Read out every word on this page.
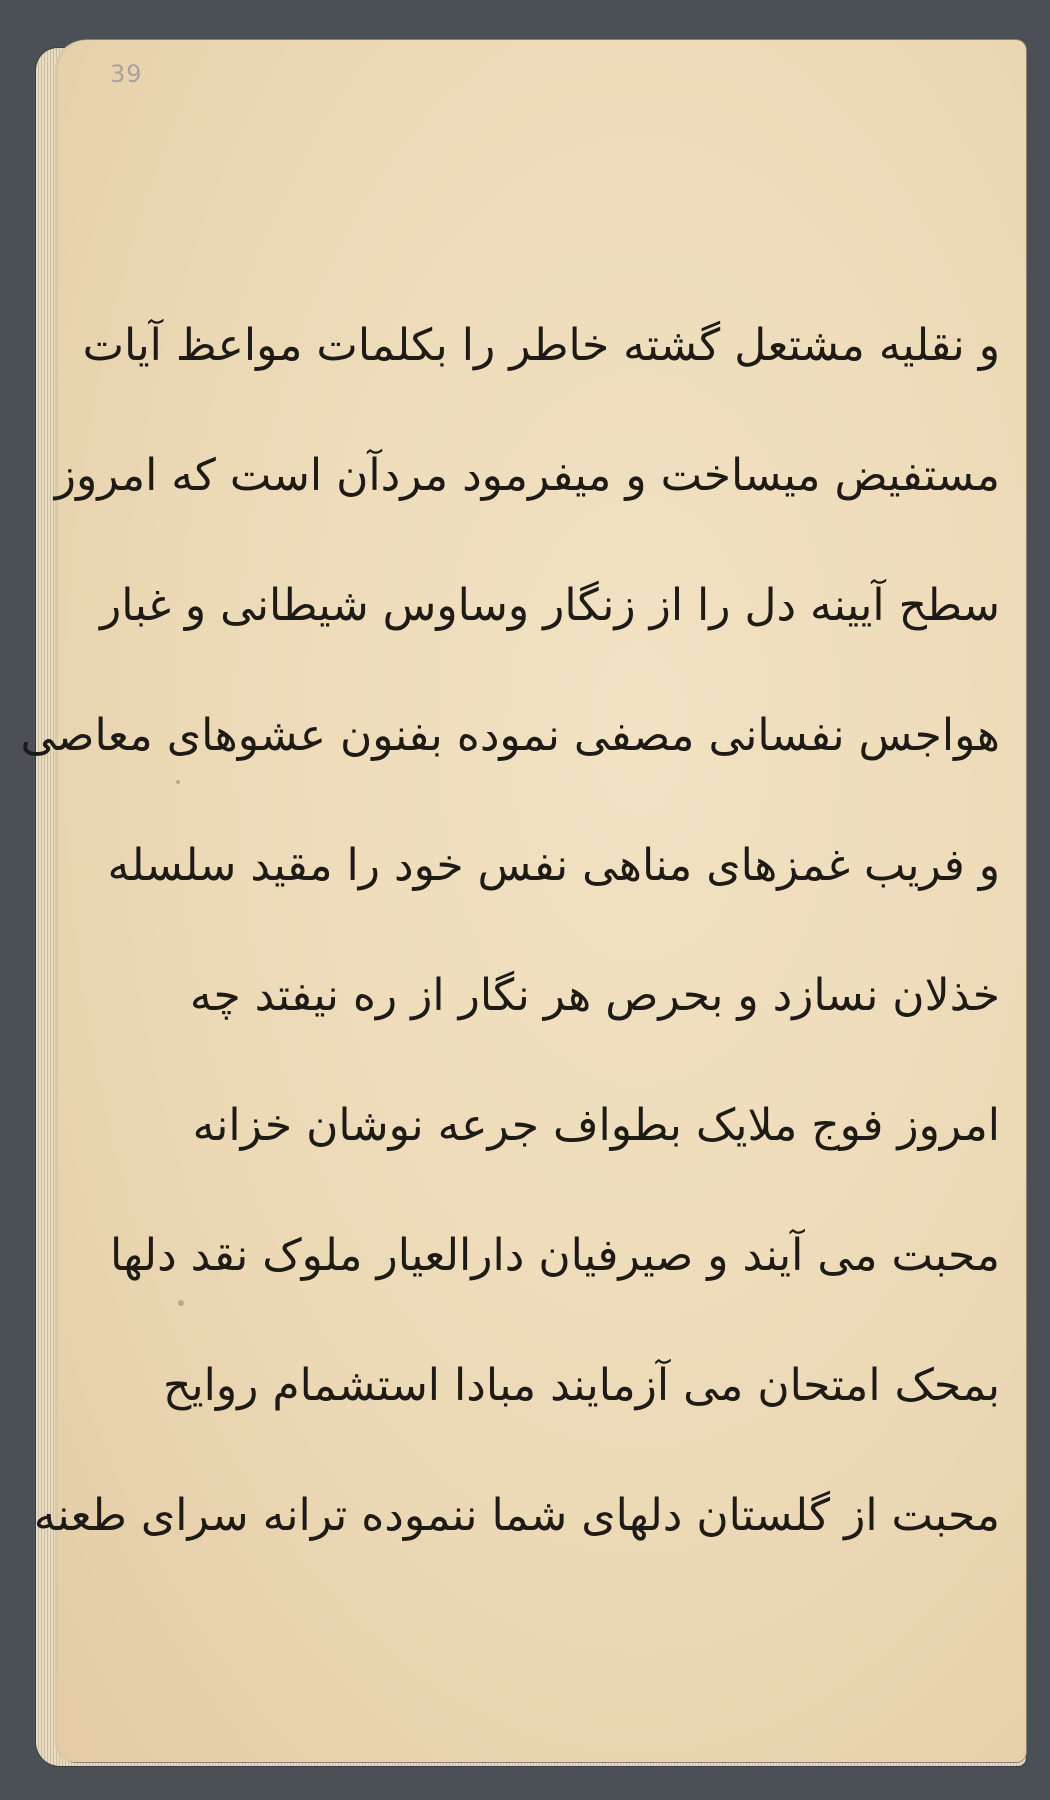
39
و نقلیه مشتعل گشته خاطر را بکلمات مواعظ آیات
مستفیض میساخت و میفرمود مردآن است که امروز
سطح آیینه دل را از زنگار وساوس شیطانی و غبار
هواجس نفسانی مصفی نموده بفنون عشوهای معاصی
و فریب غمزهای مناهی نفس خود را مقید سلسله
خذلان نسازد و بحرص هر نگار از ره نیفتد چه
امروز فوج ملایک بطواف جرعه نوشان خزانه
محبت می آیند و صیرفیان دارالعیار ملوک نقد دلها
بمحک امتحان می آزمایند مبادا استشمام روایح
محبت از گلستان دلهای شما ننموده ترانه سرای طعنه
